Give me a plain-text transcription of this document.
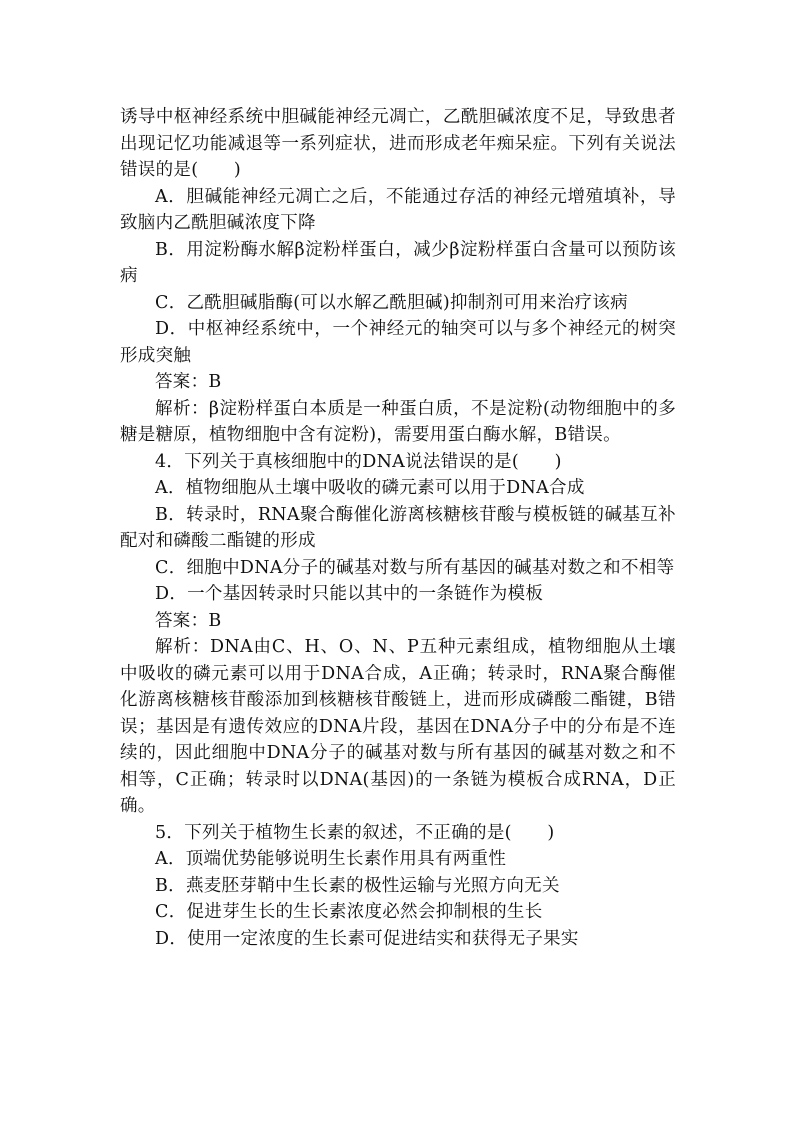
诱导中枢神经系统中胆碱能神经元凋亡，乙酰胆碱浓度不足，导致患者出现记忆功能减退等一系列症状，进而形成老年痴呆症。下列有关说法错误的是(　　)

A．胆碱能神经元凋亡之后，不能通过存活的神经元增殖填补，导致脑内乙酰胆碱浓度下降

B．用淀粉酶水解β淀粉样蛋白，减少β淀粉样蛋白含量可以预防该病

C．乙酰胆碱脂酶(可以水解乙酰胆碱)抑制剂可用来治疗该病

D．中枢神经系统中，一个神经元的轴突可以与多个神经元的树突形成突触

答案：B

解析：β淀粉样蛋白本质是一种蛋白质，不是淀粉(动物细胞中的多糖是糖原，植物细胞中含有淀粉)，需要用蛋白酶水解，B错误。

4．下列关于真核细胞中的DNA说法错误的是(　　)

A．植物细胞从土壤中吸收的磷元素可以用于DNA合成

B．转录时，RNA聚合酶催化游离核糖核苷酸与模板链的碱基互补配对和磷酸二酯键的形成

C．细胞中DNA分子的碱基对数与所有基因的碱基对数之和不相等

D．一个基因转录时只能以其中的一条链作为模板

答案：B

解析：DNA由C、H、O、N、P五种元素组成，植物细胞从土壤中吸收的磷元素可以用于DNA合成，A正确；转录时，RNA聚合酶催化游离核糖核苷酸添加到核糖核苷酸链上，进而形成磷酸二酯键，B错误；基因是有遗传效应的DNA片段，基因在DNA分子中的分布是不连续的，因此细胞中DNA分子的碱基对数与所有基因的碱基对数之和不相等，C正确；转录时以DNA(基因)的一条链为模板合成RNA，D正确。

5．下列关于植物生长素的叙述，不正确的是(　　)

A．顶端优势能够说明生长素作用具有两重性

B．燕麦胚芽鞘中生长素的极性运输与光照方向无关

C．促进芽生长的生长素浓度必然会抑制根的生长

D．使用一定浓度的生长素可促进结实和获得无子果实
